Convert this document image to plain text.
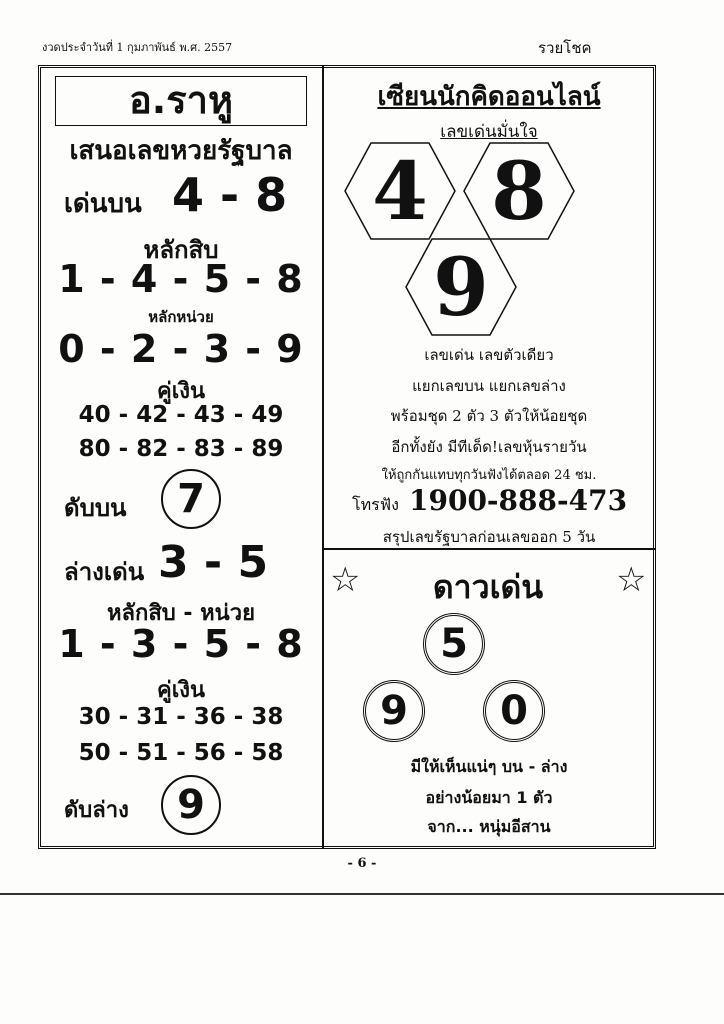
งวดประจำวันที่ 1 กุมภาพันธ์ พ.ศ. 2557	รวยโชค
อ.ราหู
เสนอเลขหวยรัฐบาล
เด่นบน 4 - 8
หลักสิบ
1 - 4 - 5 - 8
หลักหน่วย
0 - 2 - 3 - 9
คู่เงิน
40 - 42 - 43 - 49
80 - 82 - 83 - 89
ดับบน	7
ล่างเด่น 3 - 5
หลักสิบ - หน่วย
1 - 3 - 5 - 8
คู่เงิน
30 - 31 - 36 - 38
50 - 51 - 56 - 58
ดับล่าง	9
เซียนนักคิดออนไลน์
เลขเด่นมั่นใจ
4 8
9
เลขเด่น เลขตัวเดียว
แยกเลขบน แยกเลขล่าง
พร้อมชุด 2 ตัว 3 ตัวให้น้อยชุด
อีกทั้งยัง มีทีเด็ด!เลขหุ้นรายวัน
ให้ถูกกันแทบทุกวันฟังได้ตลอด 24 ชม.
โทรฟัง 1900-888-473
สรุปเลขรัฐบาลก่อนเลขออก 5 วัน
☆	ดาวเด่น	☆
5
9	0
มีให้เห็นแน่ๆ บน - ล่าง
อย่างน้อยมา 1 ตัว
จาก... หนุ่มอีสาน
- 6 -
